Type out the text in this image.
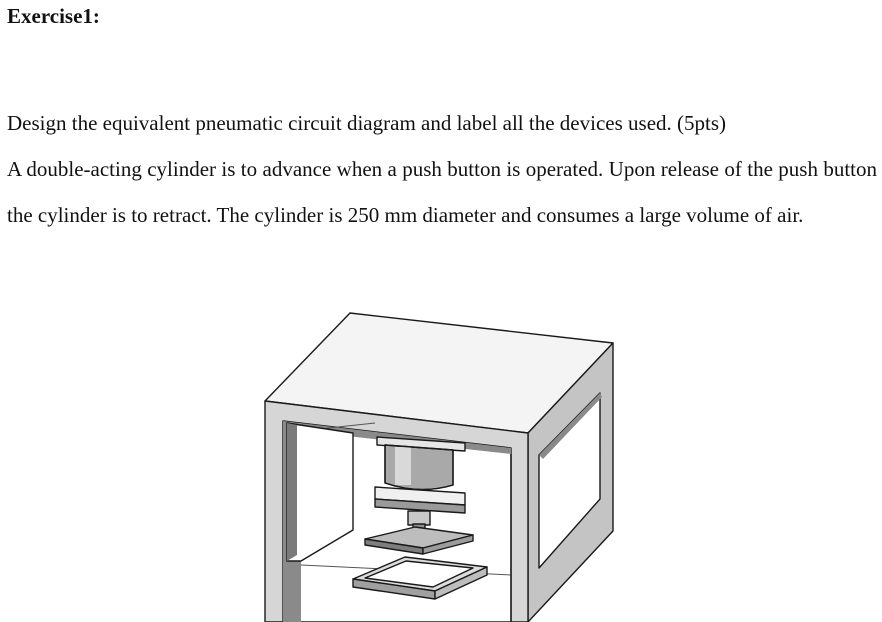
Exercise1:

Design the equivalent pneumatic circuit diagram and label all the devices used. (5pts)

A double-acting cylinder is to advance when a push button is operated. Upon release of the push button the cylinder is to retract. The cylinder is 250 mm diameter and consumes a large volume of air.
